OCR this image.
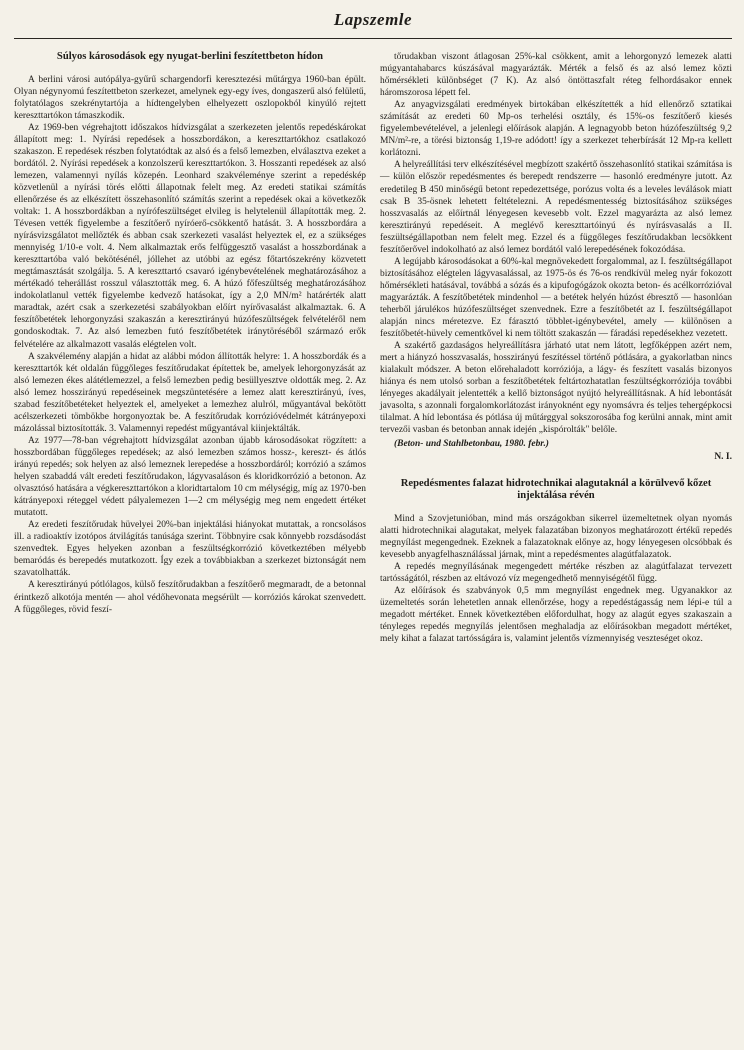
Lapszemle
Súlyos károsodások egy nyugat-berlini feszítettbeton hídon

A berlini városi autópálya-gyűrű schargendorfi keresztezési műtárgya 1960-ban épült. Olyan négynyomú feszítettbeton szerkezet, amelynek egy-egy íves, dongaszerű alsó felületű, folytatólagos szekrénytartója a hídtengelyben elhelyezett oszlopokból kinyúló rejtett kereszttartókon támaszkodik.

Az 1969-ben végrehajtott időszakos hídvizsgálat a szerkezeten jelentős repedéskárokat állapított meg: 1. Nyírási repedések a hosszbordákon, a kereszttartókhoz csatlakozó szakaszon. E repedések részben folytatódtak az alsó és a felső lemezben, elválasztva ezeket a bordától. 2. Nyírási repedések a konzolszerű kereszttartókon. 3. Hosszanti repedések az alsó lemezen, valamennyi nyílás közepén. Leonhard szakvéleménye szerint a repedéskép közvetlenül a nyírási törés előtti állapotnak felelt meg. Az eredeti statikai számítás ellenőrzése és az elkészített összehasonlító számítás szerint a repedések okai a következők voltak: 1. A hosszbordákban a nyírófeszültséget elvileg is helytelenül állapították meg. 2. Tévesen vették figyelembe a feszítőerő nyíróerő-csökkentő hatását. 3. A hosszbordára a nyírásvizsgálatot mellőzték és abban csak szerkezeti vasalást helyeztek el, ez a szükséges mennyiség 1/10-e volt. 4. Nem alkalmaztak erős felfüggesztő vasalást a hosszbordának a kereszttartóba való bekötésénél, jóllehet az utóbbi az egész főtartószekrény közvetett megtámasztását szolgálja. 5. A kereszttartó csavaró igénybevételének meghatározásához a mértékadó teherállást rosszul választották meg. 6. A húzó főfeszültség meghatározásához indokolatlanul vették figyelembe kedvező hatásokat, így a 2,0 MN/m² határérték alatt maradtak, azért csak a szerkezetési szabályokban előírt nyírővasalást alkalmaztak. 6. A feszítőbetétek lehorgonyzási szakaszán a keresztirányú húzófeszültségek felvételéről nem gondoskodtak. 7. Az alsó lemezben futó feszítőbetétek iránytöréséből származó erők felvételére az alkalmazott vasalás elégtelen volt.

A szakvélemény alapján a hidat az alábbi módon állították helyre: 1. A hosszbordák és a kereszttartók két oldalán függőleges feszítőrudakat építettek be, amelyek lehorgonyzását az alsó lemezen ékes alátétlemezzel, a felső lemezben pedig besüllyesztve oldották meg. 2. Az alsó lemez hosszirányú repedéseinek megszüntetésére a lemez alatt keresztirányú, íves, szabad feszítőbetéteket helyeztek el, amelyeket a lemezhez alulról, műgyantával bekötött acélszerkezeti tömbökbe horgonyoztak be. A feszítőrudak korrózióvédelmét kátrányepoxi mázolással biztosították. 3. Valamennyi repedést műgyantával kiinjektálták.

Az 1977—78-ban végrehajtott hídvizsgálat azonban újabb károsodásokat rögzített: a hosszbordában függőleges repedések; az alsó lemezben számos hossz-, kereszt- és átlós irányú repedés; sok helyen az alsó lemeznek lerepedése a hosszbordáról; korrózió a számos helyen szabaddá vált eredeti feszítőrudakon, lágyvasaláson és kloridkorrózió a betonon. Az olvasztósó hatására a végkereszttartókon a kloridtartalom 10 cm mélységig, míg az 1970-ben kátrányepoxi réteggel védett pályalemezen 1—2 cm mélységig meg nem engedett értéket mutatott.

Az eredeti feszítőrudak hüvelyei 20%-ban injektálási hiányokat mutattak, a roncsolásos ill. a radioaktív izotópos átvilágítás tanúsága szerint. Többnyire csak könnyebb rozsdásodást szenvedtek. Egyes helyeken azonban a feszültségkorrózió következtében mélyebb bemaródás és berepedés mutatkozott. Így ezek a továbbiakban a szerkezet biztonságát nem szavatolhatták.

A keresztirányú pótlólagos, külső feszítőrudakban a feszítőerő megmaradt, de a betonnal érintkező alkotója mentén — ahol védőhevonata megsérült — korróziós károkat szenvedett. A függőleges, rövid feszí-

tőrudakban viszont átlagosan 25%-kal csökkent, amit a lehorgonyzó lemezek alatti múgyantahabarcs kúszásával magyarázták. Mérték a felső és az alsó lemez közti hőmérsékleti különbséget (7 K). Az alsó öntöttaszfalt réteg felhordásakor ennek háromszorosa lépett fel.

Az anyagvizsgálati eredmények birtokában elkészítették a híd ellenőrző sztatikai számítását az eredeti 60 Mp-os terhelési osztály, és 15%-os feszítőerő kiesés figyelembevételével, a jelenlegi előírások alapján. A legnagyobb beton húzófeszültség 9,2 MN/m²-re, a törési biztonság 1,19-re adódott! így a szerkezet teherbírását 12 Mp-ra kellett korlátozni.

A helyreállítási terv elkészítésével megbízott szakértő összehasonlító statikai számítása is — külön először repedésmentes és berepedt rendszerre — hasonló eredményre jutott. Az eredetileg B 450 minőségű betont repedezettsége, porózus volta és a leveles leválások miatt csak B 35-ösnek lehetett feltételezni. A repedésmentesség biztosításához szükséges hosszvasalás az előírtnál lényegesen kevesebb volt. Ezzel magyarázta az alsó lemez keresztirányú repedéseit. A meglévő kereszttartóinyú és nyírásvasalás a II. feszültségállapotban nem felelt meg. Ezzel és a függőleges feszítőrudakban lecsökkent feszítőerővel indokolható az alsó lemez bordától való lerepedésének fokozódása.

A legújabb károsodásokat a 60%-kal megnövekedett forgalommal, az I. feszültségállapot biztosításához elégtelen lágyvasalással, az 1975-ös és 76-os rendkívül meleg nyár fokozott hőmérsékleti hatásával, továbbá a sózás és a kipufogógázok okozta beton- és acélkorrózióval magyarázták. A feszítőbetétek mindenhol — a betétek helyén húzóst ébresztő — hasonlóan teherből járulékos húzófeszültséget szenvednek. Ezre a feszítőbetét az I. feszültségállapot alapján nincs méretezve. Ez fárasztó többlet-igénybevétel, amely — különösen a feszítőbetét-hüvely cementkővel ki nem töltött szakaszán — fáradási repedésekhez vezetett.

A szakértő gazdaságos helyreállításra járható utat nem látott, legfőképpen azért nem, mert a hiányzó hosszvasalás, hosszirányú feszítéssel történő pótlására, a gyakorlatban nincs kialakult módszer. A beton előrehaladott korróziója, a lágy- és feszített vasalás bizonyos hiánya és nem utolsó sorban a feszítőbetétek feltártozhatatlan feszültségkorróziója további lényeges akadályait jelentették a kellő biztonságot nyújtó helyreállításnak. A híd lebontását javasolta, s azonnali forgalomkorlátozást irányoknént egy nyomsávra és teljes tehergépkocsi tilalmat. A híd lebontása és pótlása új műtárggyal sokszorosába fog kerülni annak, mint amit tervezői vasban és betonban annak idején „kispórolták" belőle.

(Beton- und Stahlbetonbau, 1980. febr.)

N. I.
Repedésmentes falazat hidrotechnikai alagutaknál a körülvevő kőzet injektálása révén

Mind a Szovjetunióban, mind más országokban sikerrel üzemeltetnek olyan nyomás alatti hidrotechnikai alagutakat, melyek falazatában bizonyos meghatározott értékű repedés megnyílást megengednek. Ezeknek a falazatoknak előnye az, hogy lényegesen olcsóbbak és kevesebb anyagfelhasználással járnak, mint a repedésmentes alagútfalazatok.

A repedés megnyílásának megengedett mértéke részben az alagútfalazat tervezett tartósságától, részben az eltávozó víz megengedhető mennyiségétől függ.

Az előírások és szabványok 0,5 mm megnyílást engednek meg. Ugyanakkor az üzemeltetés során lehetetlen annak ellenőrzése, hogy a repedéstágasság nem lépi-e túl a megadott mértéket. Ennek következtében előfordulhat, hogy az alagút egyes szakaszain a tényleges repedés megnyílás jelentősen meghaladja az előírásokban megadott mértéket, mely kihat a falazat tartósságára is, valamint jelentős vízmennyiség veszteséget okoz.
